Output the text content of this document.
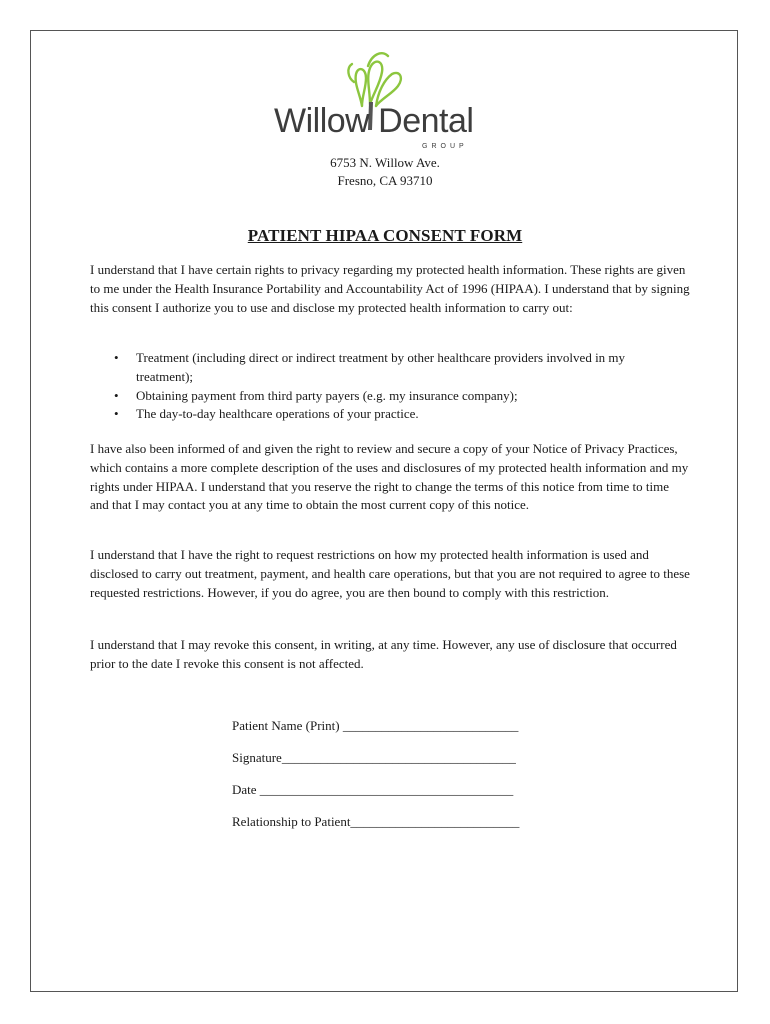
Willow Dental
GROUP
6753 N. Willow Ave.
Fresno, CA 93710
PATIENT HIPAA CONSENT FORM

I understand that I have certain rights to privacy regarding my protected health information. These rights are given to me under the Health Insurance Portability and Accountability Act of 1996 (HIPAA). I understand that by signing this consent I authorize you to use and disclose my protected health information to carry out:

• Treatment (including direct or indirect treatment by other healthcare providers involved in my treatment);
• Obtaining payment from third party payers (e.g. my insurance company);
• The day-to-day healthcare operations of your practice.

I have also been informed of and given the right to review and secure a copy of your Notice of Privacy Practices, which contains a more complete description of the uses and disclosures of my protected health information and my rights under HIPAA. I understand that you reserve the right to change the terms of this notice from time to time and that I may contact you at any time to obtain the most current copy of this notice.

I understand that I have the right to request restrictions on how my protected health information is used and disclosed to carry out treatment, payment, and health care operations, but that you are not required to agree to these requested restrictions. However, if you do agree, you are then bound to comply with this restriction.

I understand that I may revoke this consent, in writing, at any time. However, any use of disclosure that occurred prior to the date I revoke this consent is not affected.

Patient Name (Print) ___________________________
Signature____________________________________
Date _______________________________________
Relationship to Patient__________________________
